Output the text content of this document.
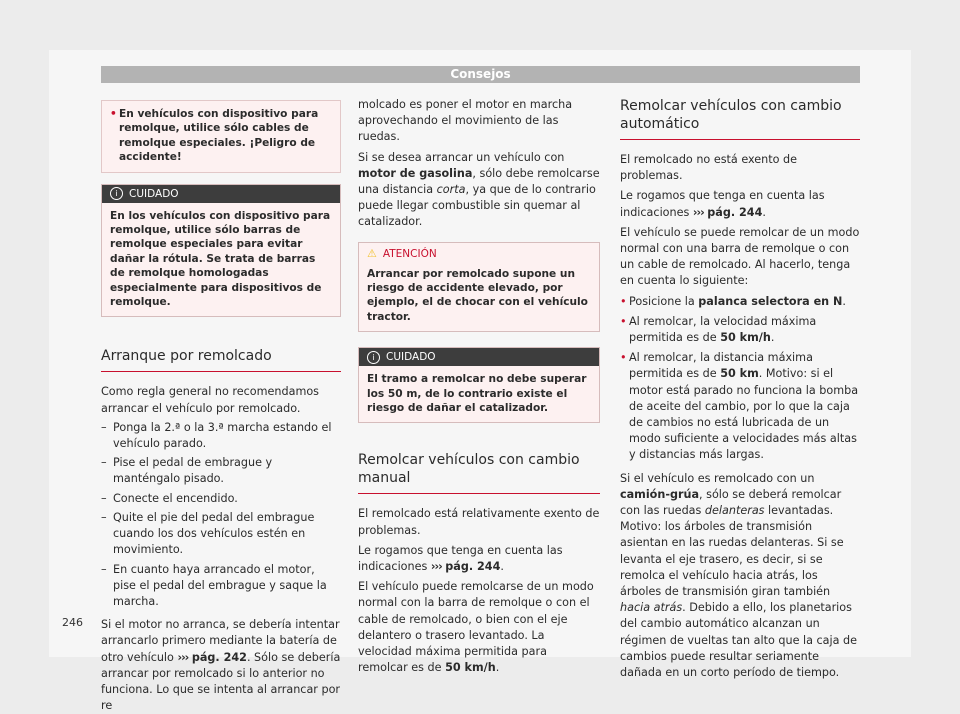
Consejos
• En vehículos con dispositivo para remolque, utilice sólo cables de remolque especiales. ¡Peligro de accidente!
i CUIDADO
En los vehículos con dispositivo para remolque, utilice sólo barras de remolque especiales para evitar dañar la rótula. Se trata de barras de remolque homologadas especialmente para dispositivos de remolque.
Arranque por remolcado

Como regla general no recomendamos arrancar el vehículo por remolcado.

– Ponga la 2.ª o la 3.ª marcha estando el vehículo parado.
– Pise el pedal de embrague y manténgalo pisado.
– Conecte el encendido.
– Quite el pie del pedal del embrague cuando los dos vehículos estén en movimiento.
– En cuanto haya arrancado el motor, pise el pedal del embrague y saque la marcha.

Si el motor no arranca, se debería intentar arrancarlo primero mediante la batería de otro vehículo ››› pág. 242. Sólo se debería arrancar por remolcado si lo anterior no funciona. Lo que se intenta al arrancar por re

molcado es poner el motor en marcha aprovechando el movimiento de las ruedas.

Si se desea arrancar un vehículo con motor de gasolina, sólo debe remolcarse una distancia corta, ya que de lo contrario puede llegar combustible sin quemar al catalizador.

⚠ ATENCIÓN
Arrancar por remolcado supone un riesgo de accidente elevado, por ejemplo, el de chocar con el vehículo tractor.
i CUIDADO
El tramo a remolcar no debe superar los 50 m, de lo contrario existe el riesgo de dañar el catalizador.
Remolcar vehículos con cambio manual

El remolcado está relativamente exento de problemas.

Le rogamos que tenga en cuenta las indicaciones ››› pág. 244.

El vehículo puede remolcarse de un modo normal con la barra de remolque o con el cable de remolcado, o bien con el eje delantero o trasero levantado. La velocidad máxima permitida para remolcar es de 50 km/h.

Remolcar vehículos con cambio automático

El remolcado no está exento de problemas.

Le rogamos que tenga en cuenta las indicaciones ››› pág. 244.

El vehículo se puede remolcar de un modo normal con una barra de remolque o con un cable de remolcado. Al hacerlo, tenga en cuenta lo siguiente:

• Posicione la palanca selectora en N.
• Al remolcar, la velocidad máxima permitida es de 50 km/h.
• Al remolcar, la distancia máxima permitida es de 50 km. Motivo: si el motor está parado no funciona la bomba de aceite del cambio, por lo que la caja de cambios no está lubricada de un modo suficiente a velocidades más altas y distancias más largas.

Si el vehículo es remolcado con un camión-grúa, sólo se deberá remolcar con las ruedas delanteras levantadas. Motivo: los árboles de transmisión asientan en las ruedas delanteras. Si se levanta el eje trasero, es decir, si se remolca el vehículo hacia atrás, los árboles de transmisión giran también hacia atrás. Debido a ello, los planetarios del cambio automático alcanzan un régimen de vueltas tan alto que la caja de cambios puede resultar seriamente dañada en un corto período de tiempo.

246
